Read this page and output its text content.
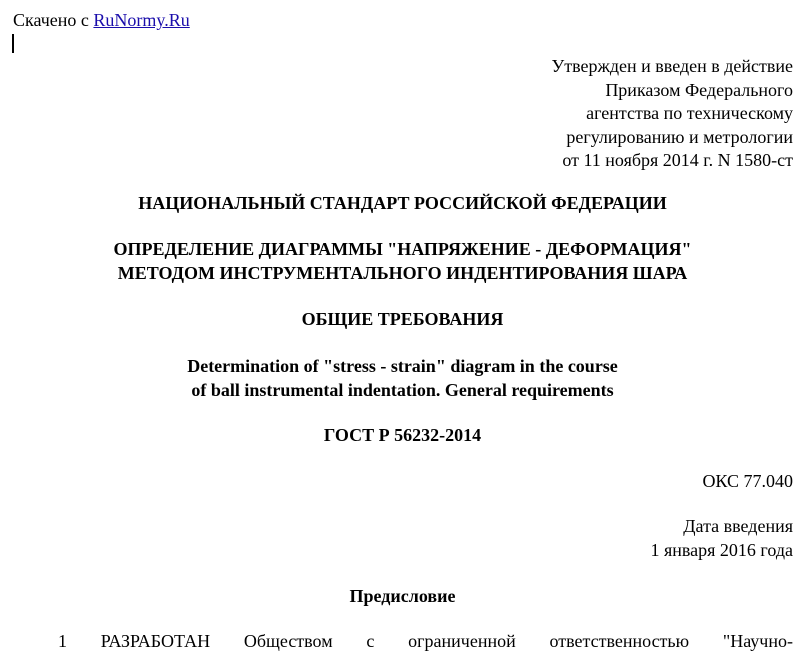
Скачено с RuNormy.Ru
Утвержден и введен в действие
Приказом Федерального
агентства по техническому
регулированию и метрологии
от 11 ноября 2014 г. N 1580-ст
НАЦИОНАЛЬНЫЙ СТАНДАРТ РОССИЙСКОЙ ФЕДЕРАЦИИ
ОПРЕДЕЛЕНИЕ ДИАГРАММЫ "НАПРЯЖЕНИЕ - ДЕФОРМАЦИЯ"
МЕТОДОМ ИНСТРУМЕНТАЛЬНОГО ИНДЕНТИРОВАНИЯ ШАРА
ОБЩИЕ ТРЕБОВАНИЯ
Determination of "stress - strain" diagram in the course
of ball instrumental indentation. General requirements
ГОСТ Р 56232-2014
ОКС 77.040
Дата введения
1 января 2016 года
Предисловие
1 РАЗРАБОТАН Обществом с ограниченной ответственностью "Научно-
